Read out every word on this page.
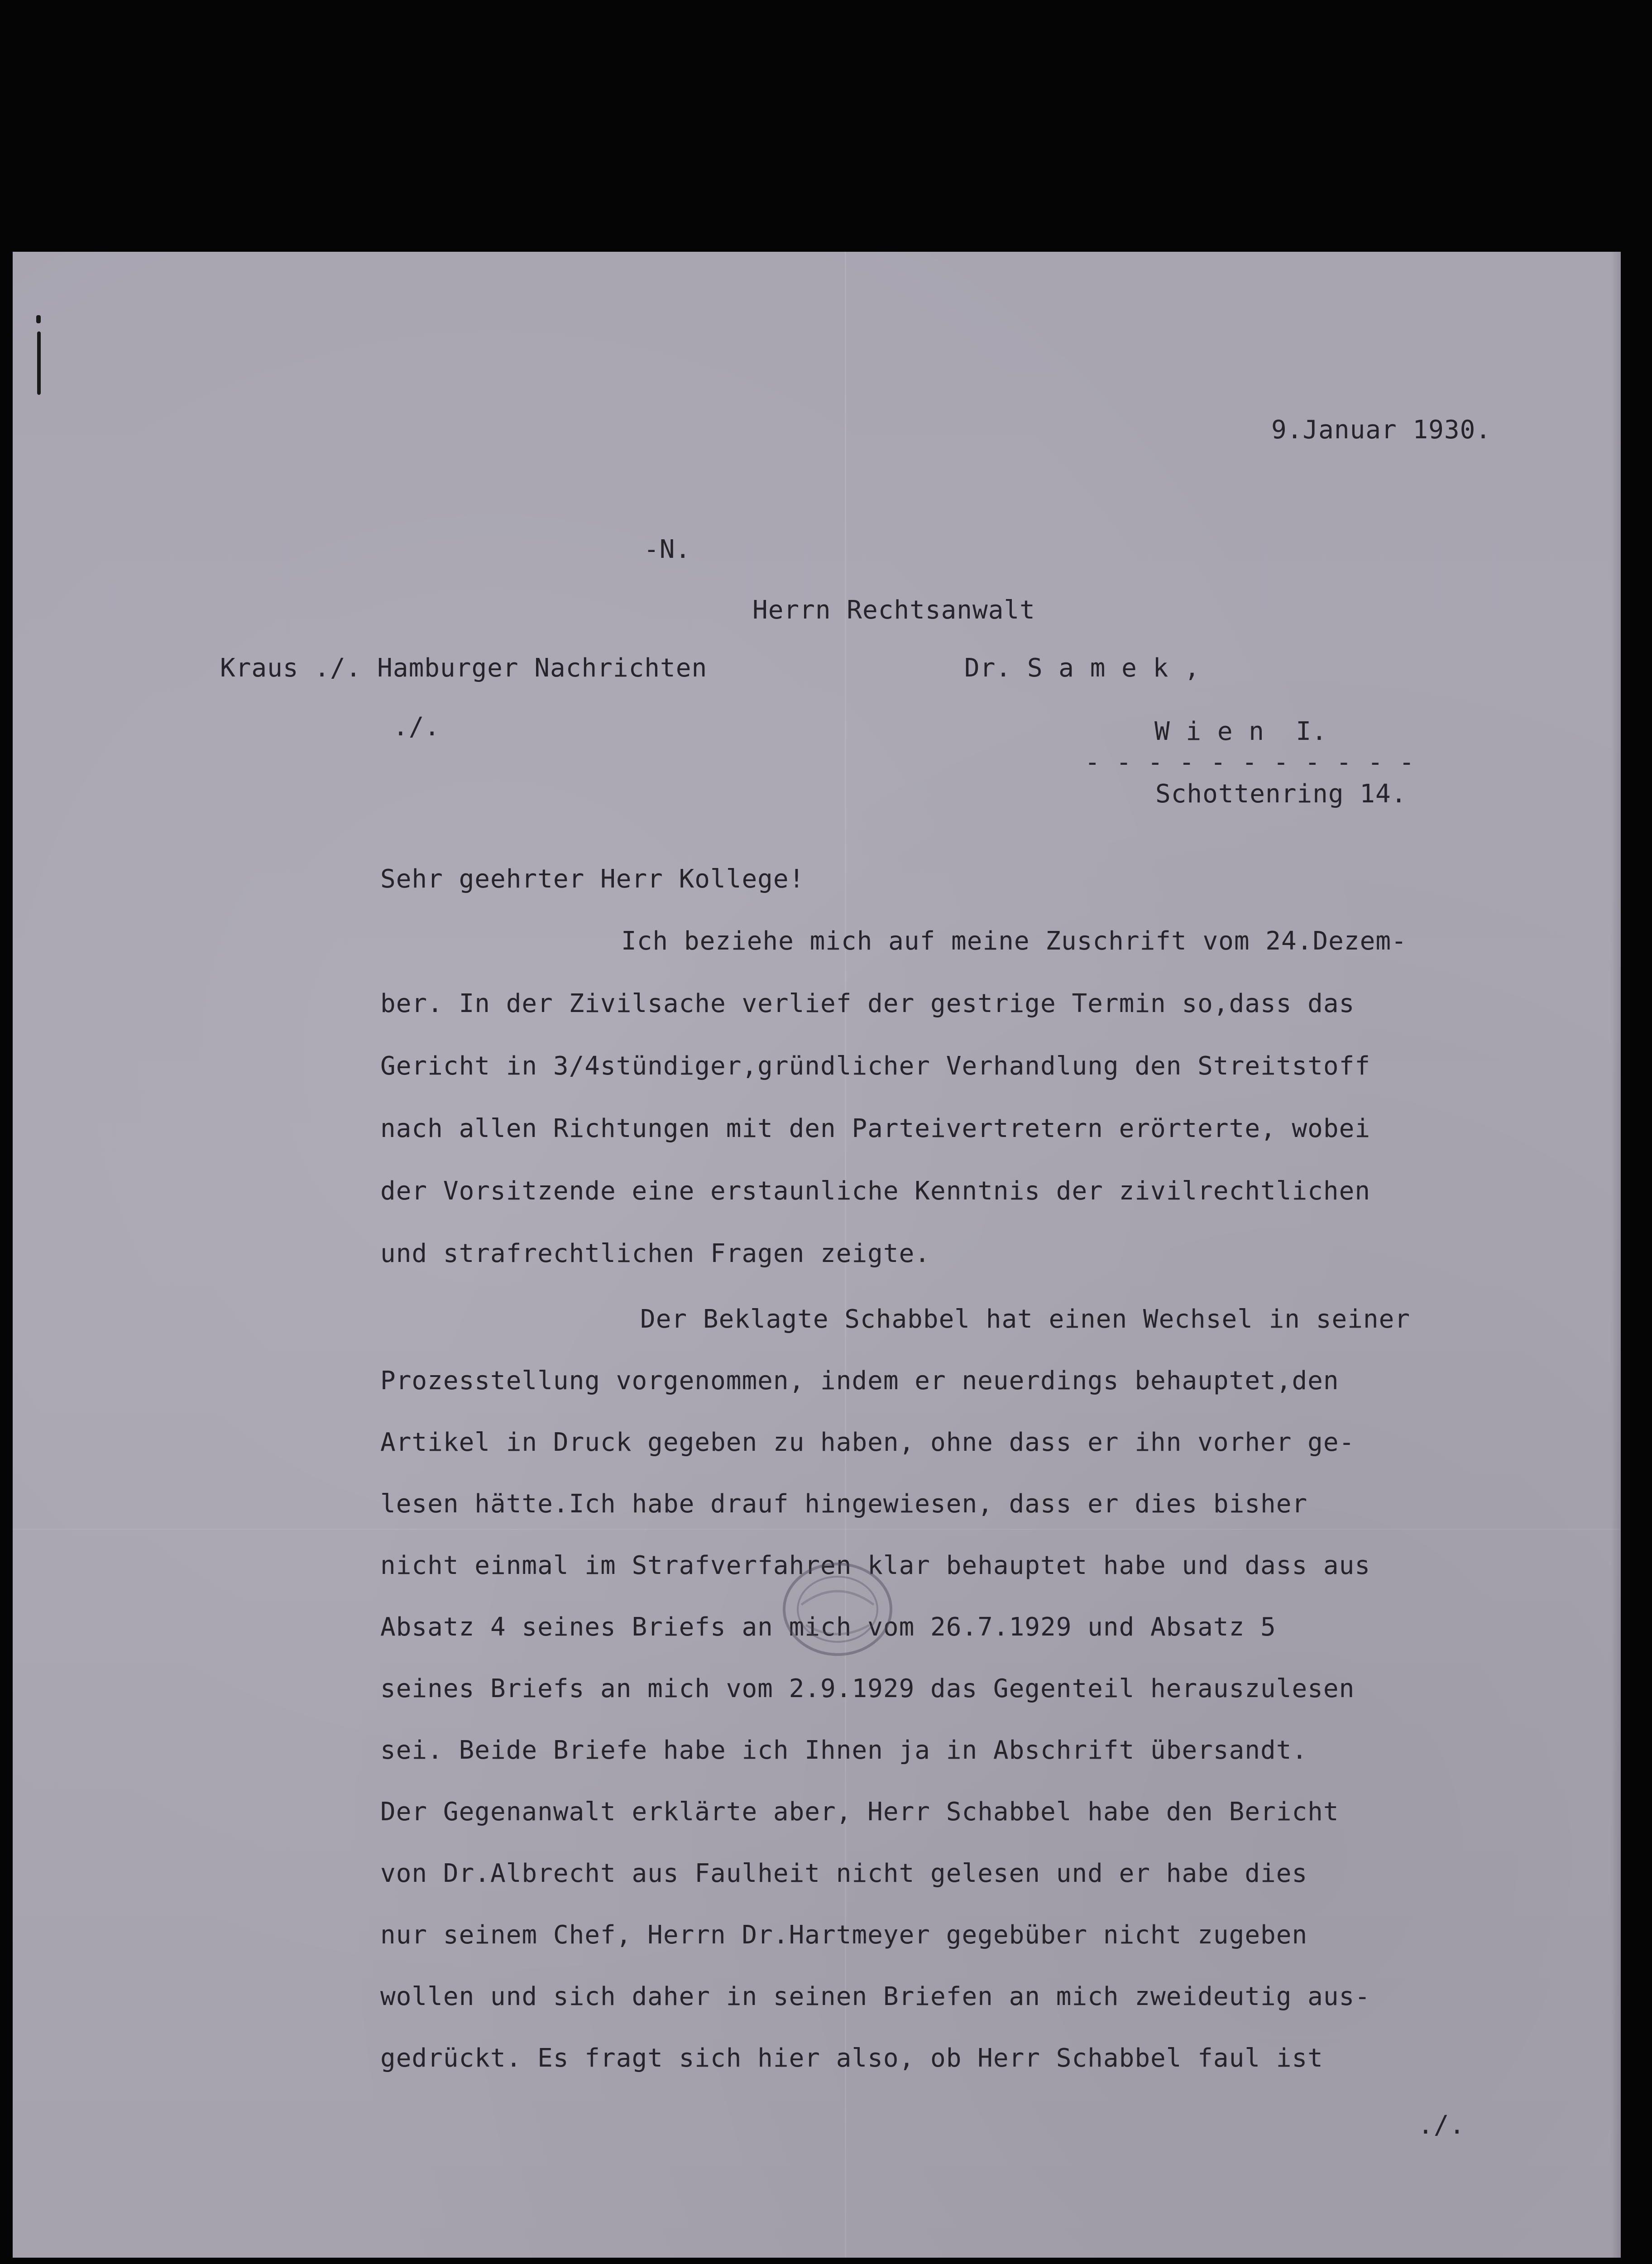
9.Januar 1930.
-N.
Herrn Rechtsanwalt
Kraus ./. Hamburger Nachrichten	Dr. S a m e k ,
./.	W i e n  I.
- - - - - - - - - - -
Schottenring 14.
Sehr geehrter Herr Kollege!
Ich beziehe mich auf meine Zuschrift vom 24.Dezem-
ber. In der Zivilsache verlief der gestrige Termin so,dass das
Gericht in 3/4stündiger,gründlicher Verhandlung den Streitstoff
nach allen Richtungen mit den Parteivertretern erörterte, wobei
der Vorsitzende eine erstaunliche Kenntnis der zivilrechtlichen
und strafrechtlichen Fragen zeigte.
Der Beklagte Schabbel hat einen Wechsel in seiner
Prozesstellung vorgenommen, indem er neuerdings behauptet,den
Artikel in Druck gegeben zu haben, ohne dass er ihn vorher ge-
lesen hätte.Ich habe drauf hingewiesen, dass er dies bisher
nicht einmal im Strafverfahren klar behauptet habe und dass aus
Absatz 4 seines Briefs an mich vom 26.7.1929 und Absatz 5
seines Briefs an mich vom 2.9.1929 das Gegenteil herauszulesen
sei. Beide Briefe habe ich Ihnen ja in Abschrift übersandt.
Der Gegenanwalt erklärte aber, Herr Schabbel habe den Bericht
von Dr.Albrecht aus Faulheit nicht gelesen und er habe dies
nur seinem Chef, Herrn Dr.Hartmeyer gegebüber nicht zugeben
wollen und sich daher in seinen Briefen an mich zweideutig aus-
gedrückt. Es fragt sich hier also, ob Herr Schabbel faul ist
./.
